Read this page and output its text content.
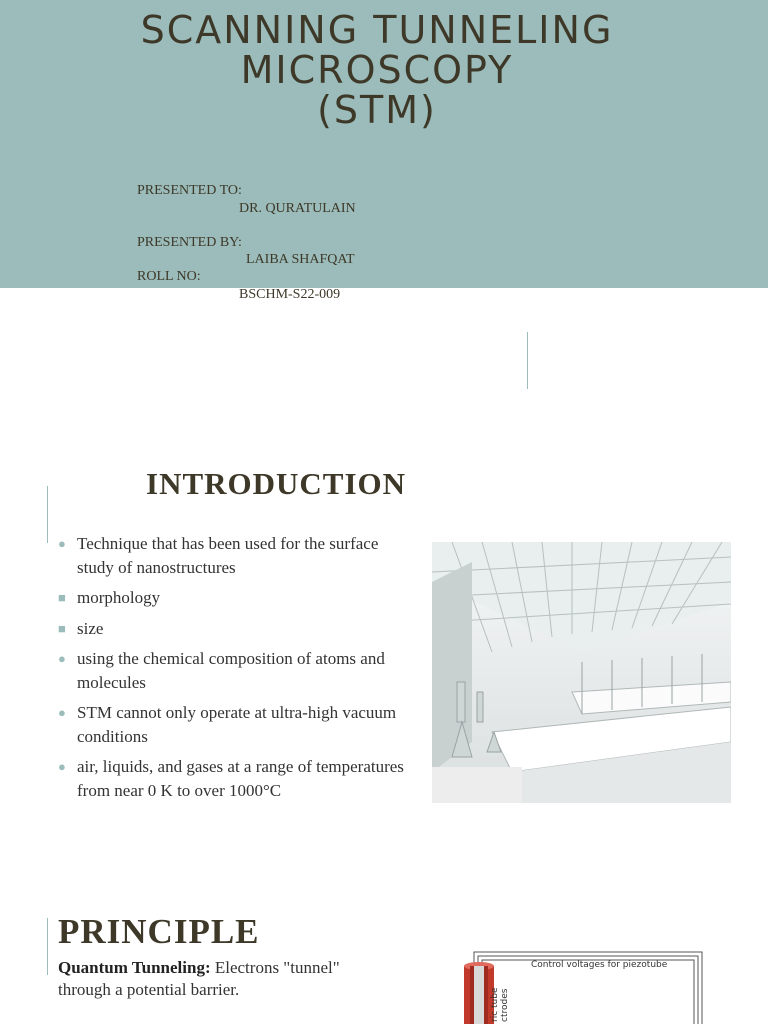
SCANNING TUNNELING
MICROSCOPY
(STM)
PRESENTED TO:
DR. QURATULAIN
PRESENTED BY:
LAIBA SHAFQAT
ROLL NO:
BSCHM-S22-009
INTRODUCTION
● Technique that has been used for the surface study of nanostructures
■ morphology
■ size
● using the chemical composition of atoms and molecules
● STM cannot only operate at ultra-high vacuum conditions
● air, liquids, and gases at a range of temperatures from near 0 K to over 1000°C
PRINCIPLE
Quantum Tunneling: Electrons "tunnel" through a potential barrier.
Control voltages for piezotube
ric tube
ctrodes
